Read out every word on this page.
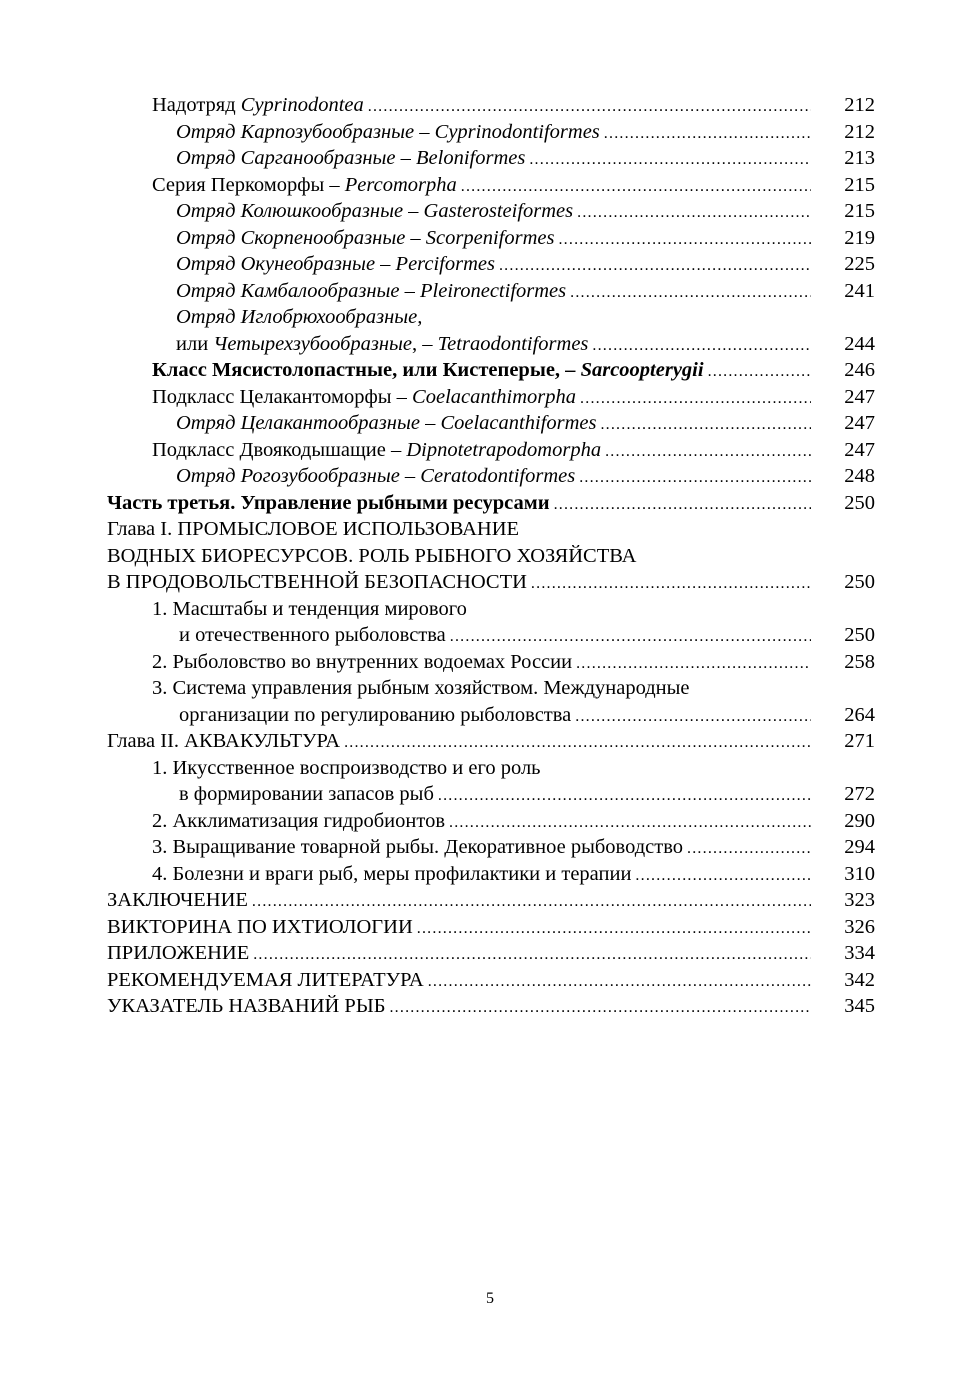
Надотряд Cyprinodontea .....	212
Отряд Карпозубообразные – Cyprinodontiformes .....	212
Отряд Сарганообразные – Beloniformes .....	213
Серия Перкоморфы – Percomorpha .....	215
Отряд Колюшкообразные – Gasterosteiformes .....	215
Отряд Скорпенообразные – Scorpeniformes .....	219
Отряд Окунеобразные – Perciformes .....	225
Отряд Камбалообразные – Pleironectiformes .....	241
Отряд Иглобрюхообразные,
или Четырехзубообразные, – Tetraodontiformes .....	244
Класс Мясистолопастные, или Кистеперые, – Sarcoopterygii .....	246
Подкласс Целакантоморфы – Coelacanthimorpha .....	247
Отряд Целакантообразные – Coelacanthiformes .....	247
Подкласс Двоякодышащие – Dipnotetrapodomorpha .....	247
Отряд Рогозубообразные – Ceratodontiformes .....	248
Часть третья. Управление рыбными ресурсами .....	250
Глава I. ПРОМЫСЛОВОЕ ИСПОЛЬЗОВАНИЕ
ВОДНЫХ БИОРЕСУРСОВ. РОЛЬ РЫБНОГО ХОЗЯЙСТВА
В ПРОДОВОЛЬСТВЕННОЙ БЕЗОПАСНОСТИ .....	250
1. Масштабы и тенденция мирового
и отечественного рыболовства .....	250
2. Рыболовство во внутренних водоемах России .....	258
3. Система управления рыбным хозяйством. Международные
организации по регулированию рыболовства .....	264
Глава II. АКВАКУЛЬТУРА .....	271
1. Икусственное воспроизводство и его роль
в формировании запасов рыб .....	272
2. Акклиматизация гидробионтов .....	290
3. Выращивание товарной рыбы. Декоративное рыбоводство .....	294
4. Болезни и враги рыб, меры профилактики и терапии .....	310
ЗАКЛЮЧЕНИЕ .....	323
ВИКТОРИНА ПО ИХТИОЛОГИИ .....	326
ПРИЛОЖЕНИЕ .....	334
РЕКОМЕНДУЕМАЯ ЛИТЕРАТУРА .....	342
УКАЗАТЕЛЬ НАЗВАНИЙ РЫБ .....	345
5
